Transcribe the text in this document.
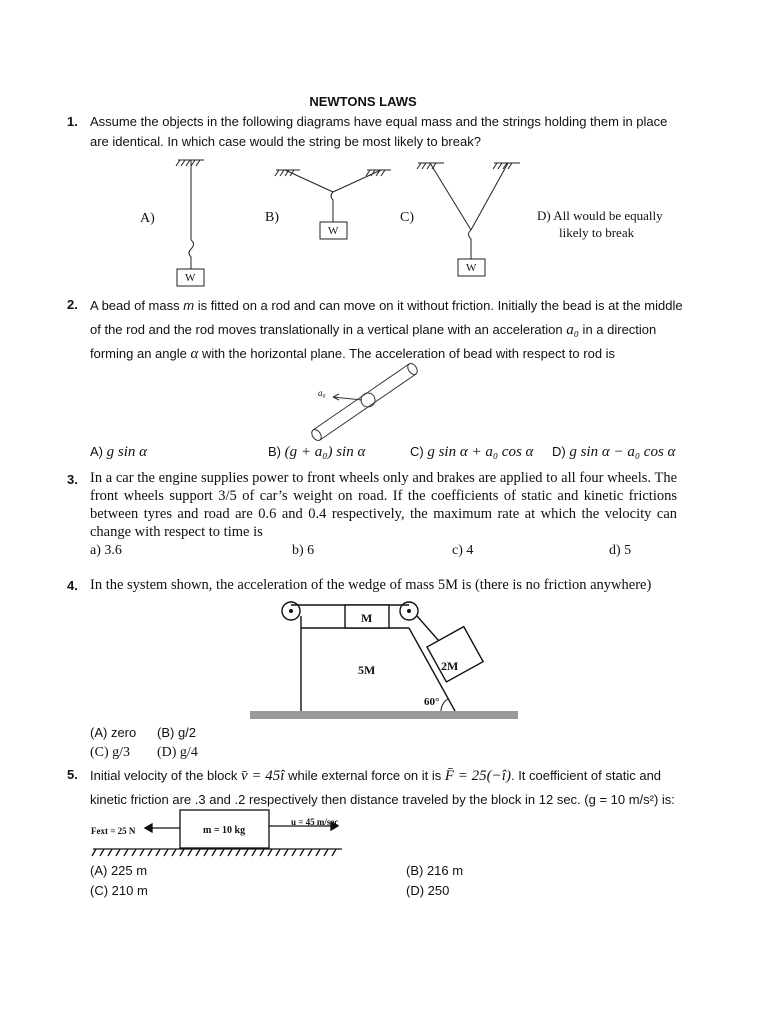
NEWTONS LAWS
1. Assume the objects in the following diagrams have equal mass and the strings holding them in place are identical. In which case would the string be most likely to break?
A)	B)	C)
W
W
W
D) All would be equally
likely to break
2. A bead of mass m is fitted on a rod and can move on it without friction. Initially the bead is at the middle
of the rod and the rod moves translationally in a vertical plane with an acceleration a₀ in a direction
forming an angle α with the horizontal plane. The acceleration of bead with respect to rod is
a₀
A) g sin α	B) (g + a₀) sin α	C) g sin α + a₀ cos α D) g sin α − a₀ cos α
3. In a car the engine supplies power to front wheels only and brakes are applied to all four wheels. The front wheels support 3/5 of car’s weight on road. If the coefficients of static and kinetic frictions between tyres and road are 0.6 and 0.4 respectively, the maximum rate at which the velocity can change with respect to time is
a) 3.6	b) 6	c) 4	d) 5
4. In the system shown, the acceleration of the wedge of mass 5M is (there is no friction anywhere)
M
5M	2M
60°
(A) zero (B) g/2
(C) g/3 (D) g/4
5. Initial velocity of the block v̄ = 45î while external force on it is F̄ = 25(−î). It coefficient of static and
kinetic friction are .3 and .2 respectively then distance traveled by the block in 12 sec. (g = 10 m/s²) is:
Fext = 25 N	m = 10 kg
u = 45 m/sec
(A) 225 m	(B) 216 m
(C) 210 m	(D) 250
